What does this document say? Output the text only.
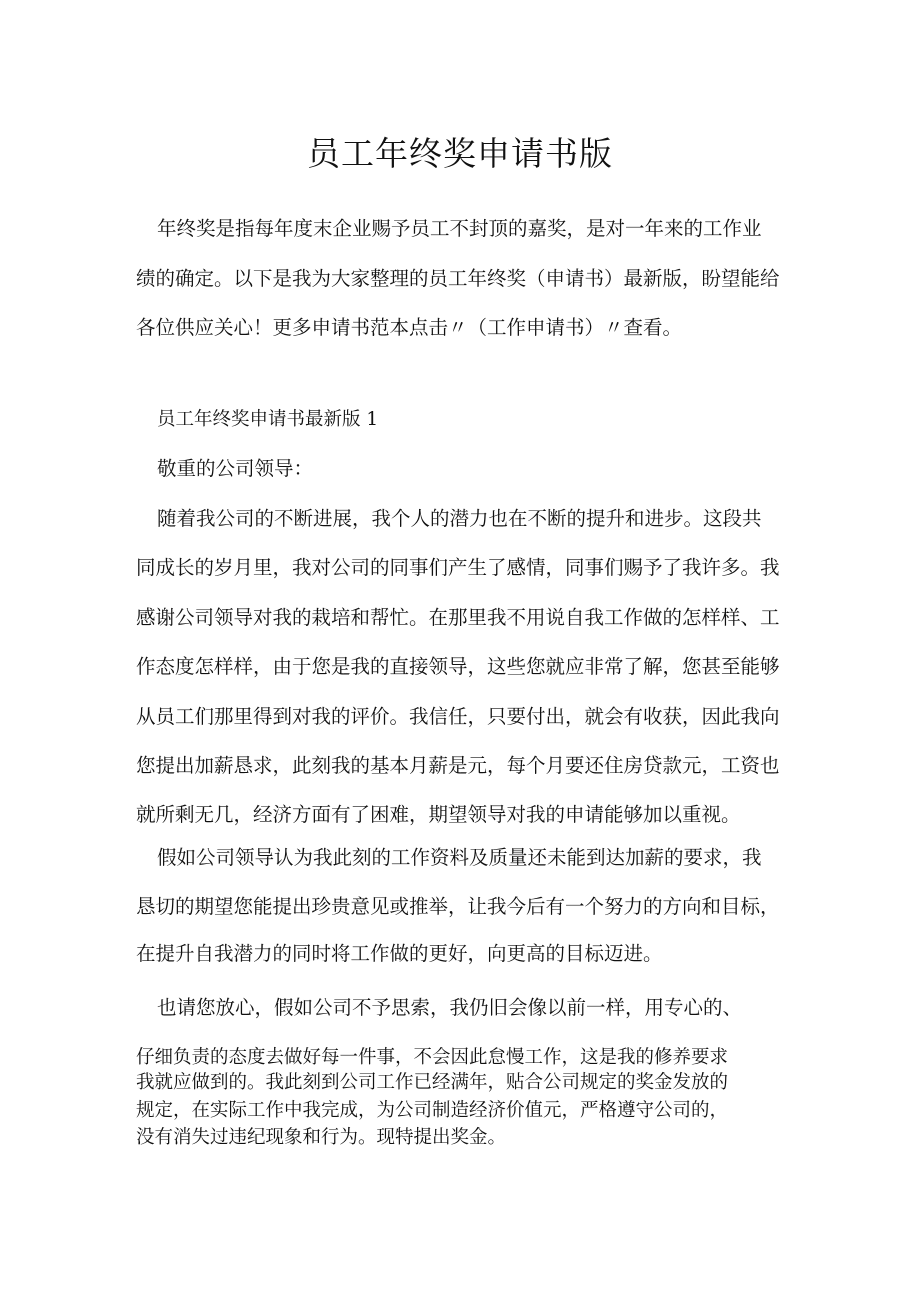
员工年终奖申请书版
年终奖是指每年度末企业赐予员工不封顶的嘉奖，是对一年来的工作业
绩的确定。以下是我为大家整理的员工年终奖（申请书）最新版，盼望能给
各位供应关心！更多申请书范本点击〃（工作申请书）〃查看。
员工年终奖申请书最新版 1
敬重的公司领导：
随着我公司的不断进展，我个人的潜力也在不断的提升和进步。这段共
同成长的岁月里，我对公司的同事们产生了感情，同事们赐予了我许多。我
感谢公司领导对我的栽培和帮忙。在那里我不用说自我工作做的怎样样、工
作态度怎样样，由于您是我的直接领导，这些您就应非常了解，您甚至能够
从员工们那里得到对我的评价。我信任，只要付出，就会有收获，因此我向
您提出加薪恳求，此刻我的基本月薪是元，每个月要还住房贷款元，工资也
就所剩无几，经济方面有了困难，期望领导对我的申请能够加以重视。
假如公司领导认为我此刻的工作资料及质量还未能到达加薪的要求，我
恳切的期望您能提出珍贵意见或推举，让我今后有一个努力的方向和目标，
在提升自我潜力的同时将工作做的更好，向更高的目标迈进。
也请您放心，假如公司不予思索，我仍旧会像以前一样，用专心的、
仔细负责的态度去做好每一件事，不会因此怠慢工作，这是我的修养要求
我就应做到的。我此刻到公司工作已经满年，贴合公司规定的奖金发放的
规定，在实际工作中我完成，为公司制造经济价值元，严格遵守公司的，
没有消失过违纪现象和行为。现特提出奖金。
